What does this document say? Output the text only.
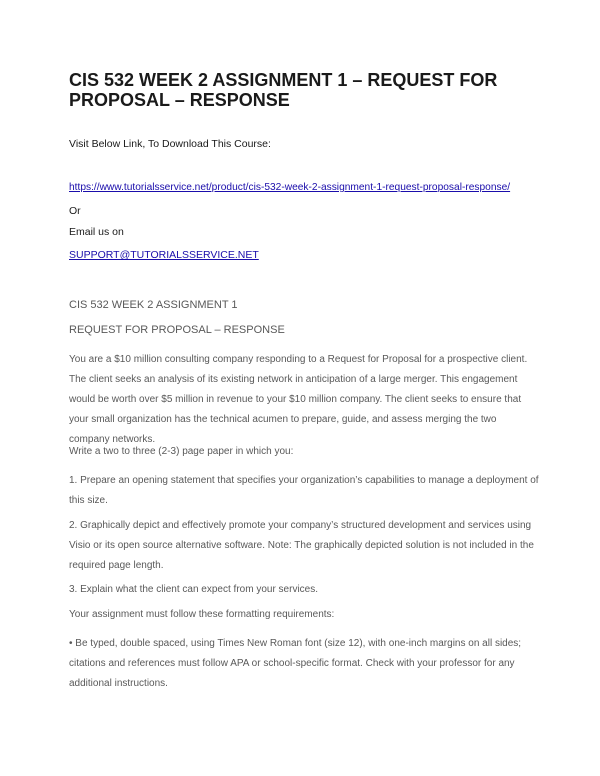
CIS 532 WEEK 2 ASSIGNMENT 1 – REQUEST FOR PROPOSAL – RESPONSE
Visit Below Link, To Download This Course:
https://www.tutorialsservice.net/product/cis-532-week-2-assignment-1-request-proposal-response/
Or
Email us on
SUPPORT@TUTORIALSSERVICE.NET
CIS 532 WEEK 2 ASSIGNMENT 1
REQUEST FOR PROPOSAL – RESPONSE

You are a $10 million consulting company responding to a Request for Proposal for a prospective client. The client seeks an analysis of its existing network in anticipation of a large merger. This engagement would be worth over $5 million in revenue to your $10 million company. The client seeks to ensure that your small organization has the technical acumen to prepare, guide, and assess merging the two company networks.

Write a two to three (2-3) page paper in which you:

1. Prepare an opening statement that specifies your organization’s capabilities to manage a deployment of this size.

2. Graphically depict and effectively promote your company’s structured development and services using Visio or its open source alternative software. Note: The graphically depicted solution is not included in the required page length.

3. Explain what the client can expect from your services.

Your assignment must follow these formatting requirements:

• Be typed, double spaced, using Times New Roman font (size 12), with one-inch margins on all sides; citations and references must follow APA or school-specific format. Check with your professor for any additional instructions.
